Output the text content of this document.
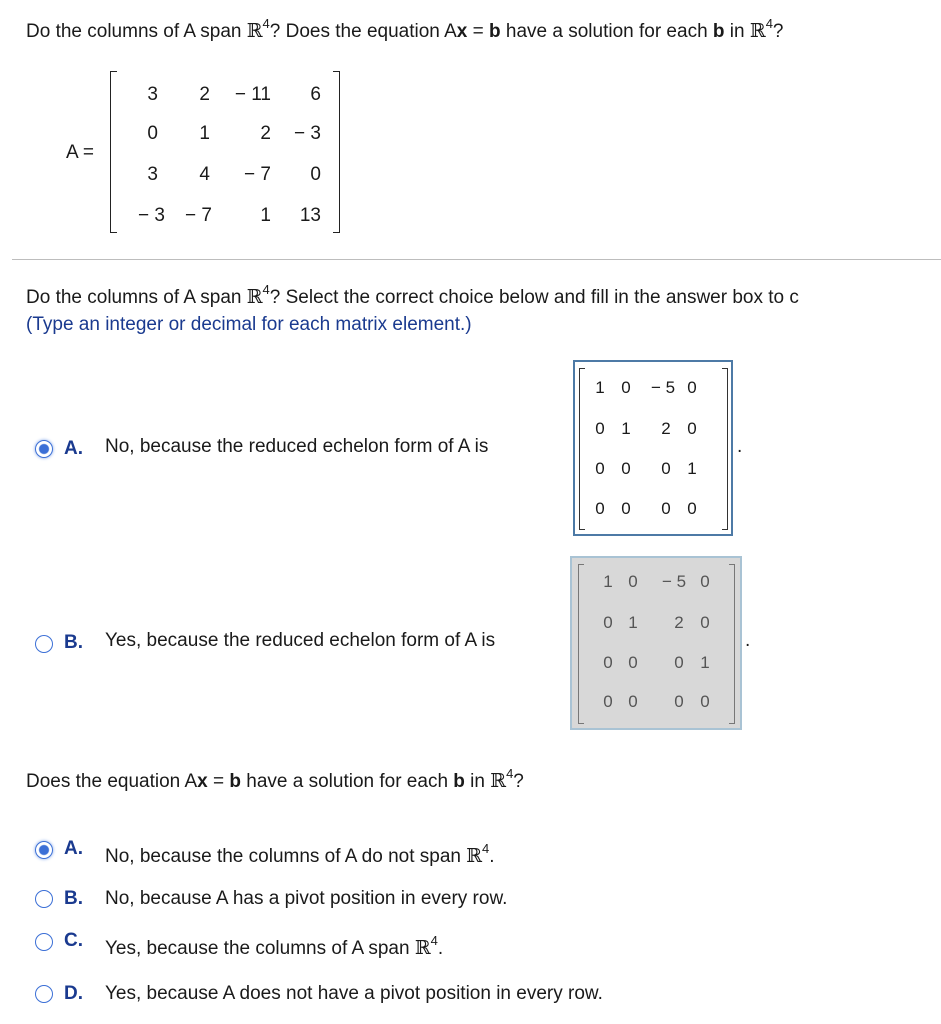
Do the columns of A span ℝ$^4$? Does the equation Ax = b have a solution for each b in ℝ$^4$?
A =
3	2	− 11	6
0	1	2	− 3
3	4	− 7	0
− 3	− 7	1	13
Do the columns of A span ℝ$^4$? Select the correct choice below and fill in the answer box to c
(Type an integer or decimal for each matrix element.)
A. No, because the reduced echelon form of A is
1 0	− 5 0
0 1	2 0
0 0	0 1
0 0	0 0
.
B. Yes, because the reduced echelon form of A is
1 0	− 5 0
0 1	2 0
0 0	0 1
0 0	0 0
.
Does the equation Ax = b have a solution for each b in ℝ$^4$?
A. No, because the columns of A do not span ℝ$^4$.
B. No, because A has a pivot position in every row.
C. Yes, because the columns of A span ℝ$^4$.
D. Yes, because A does not have a pivot position in every row.
